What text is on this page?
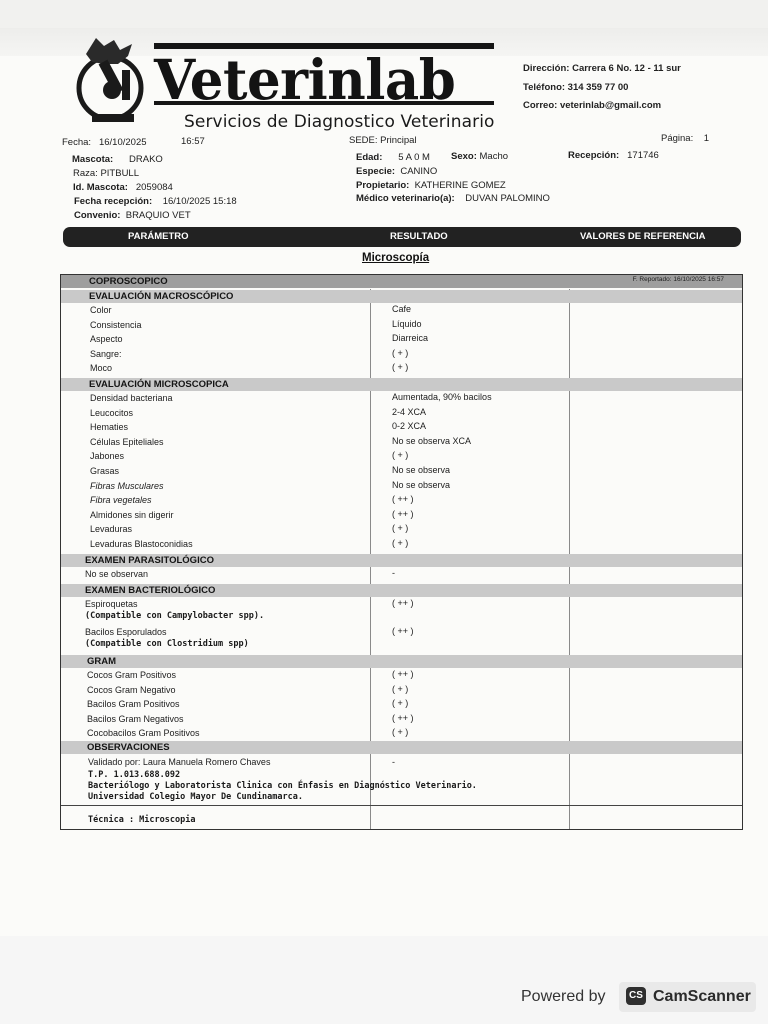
Veterinlab
Servicios de Diagnostico Veterinario
Dirección: Carrera 6 No. 12 - 11 sur
Teléfono: 314 359 77 00
Correo: veterinlab@gmail.com
Fecha: 16/10/2025	16:57	SEDE: Principal	Página: 1
Mascota: DRAKO
Raza: PITBULL
Id. Mascota: 2059084
Fecha recepción: 16/10/2025 15:18
Convenio: BRAQUIO VET
Edad: 5 A 0 M Sexo: Macho	Recepción: 171746
Especie: CANINO
Propietario: KATHERINE GOMEZ
Médico veterinario(a): DUVAN PALOMINO
PARÁMETRO	RESULTADO	VALORES DE REFERENCIA
Microscopía
COPROSCOPICO	F. Reportado: 16/10/2025 16:57
EVALUACIÓN MACROSCÓPICO
Color	Cafe
Consistencia	Líquido
Aspecto	Diarreica
Sangre:	( + )
Moco	( + )
EVALUACIÓN MICROSCOPICA
Densidad bacteriana	Aumentada, 90% bacilos
Leucocitos	2-4 XCA
Hematies	0-2 XCA
Células Epiteliales	No se observa XCA
Jabones	( + )
Grasas	No se observa
Fibras Musculares	No se observa
Fibra vegetales	( ++ )
Almidones sin digerir	( ++ )
Levaduras	( + )
Levaduras Blastoconidias	( + )
EXAMEN PARASITOLÓGICO
No se observan	-
EXAMEN BACTERIOLÓGICO
Espiroquetas	( ++ )
(Compatible con Campylobacter spp).
Bacilos Esporulados	( ++ )
(Compatible con Clostridium spp)
GRAM
Cocos Gram Positivos	( ++ )
Cocos Gram Negativo	( + )
Bacilos Gram Positivos	( + )
Bacilos Gram Negativos	( ++ )
Cocobacilos Gram Positivos	( + )
OBSERVACIONES
Validado por: Laura Manuela Romero Chaves	-
T.P. 1.013.688.092
Bacteriólogo y Laboratorista Clinica con Énfasis en Diagnóstico Veterinario.
Universidad Colegio Mayor De Cundinamarca.
Técnica : Microscopia
Powered by	CS CamScanner
